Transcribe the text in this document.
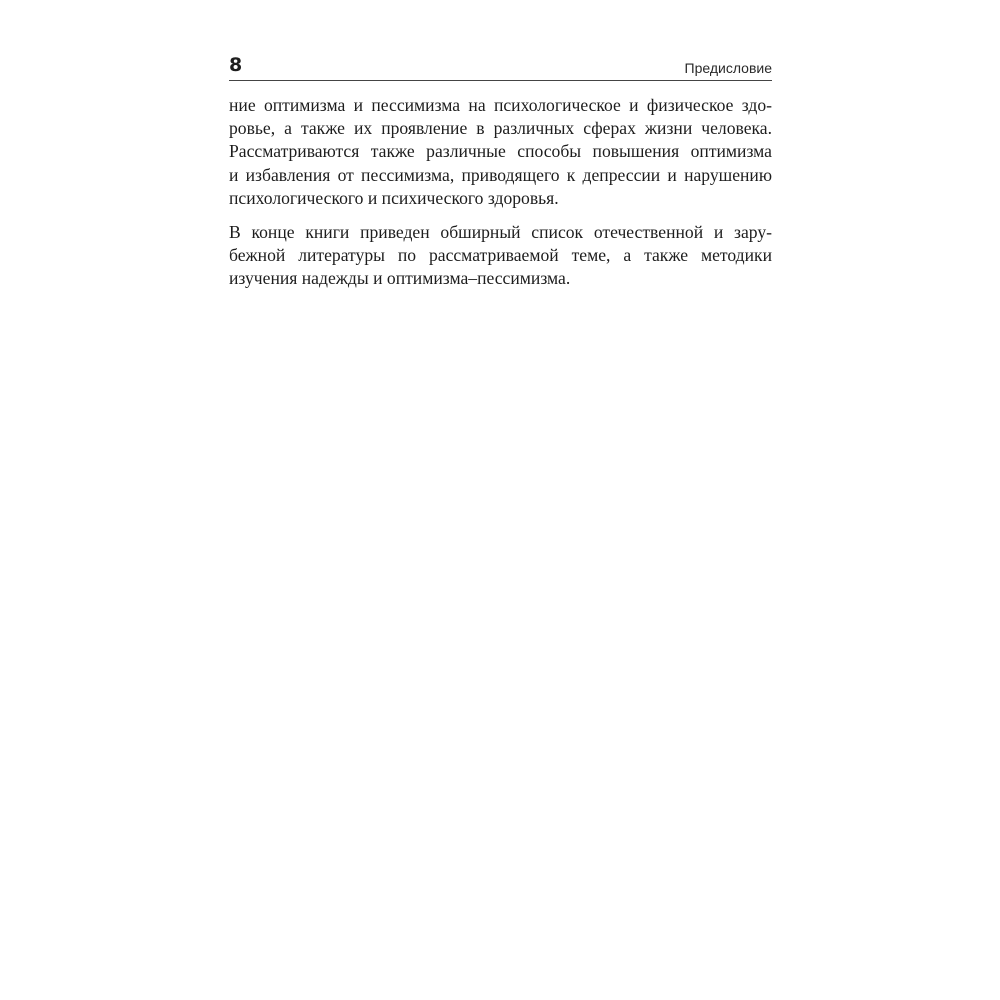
8	Предисловие
ние оптимизма и пессимизма на психологическое и физическое здо-
ровье, а также их проявление в различных сферах жизни человека.
Рассматриваются также различные способы повышения оптимизма
и избавления от пессимизма, приводящего к депрессии и нарушению
психологического и психического здоровья.
В конце книги приведен обширный список отечественной и зару-
бежной литературы по рассматриваемой теме, а также методики
изучения надежды и оптимизма–пессимизма.
